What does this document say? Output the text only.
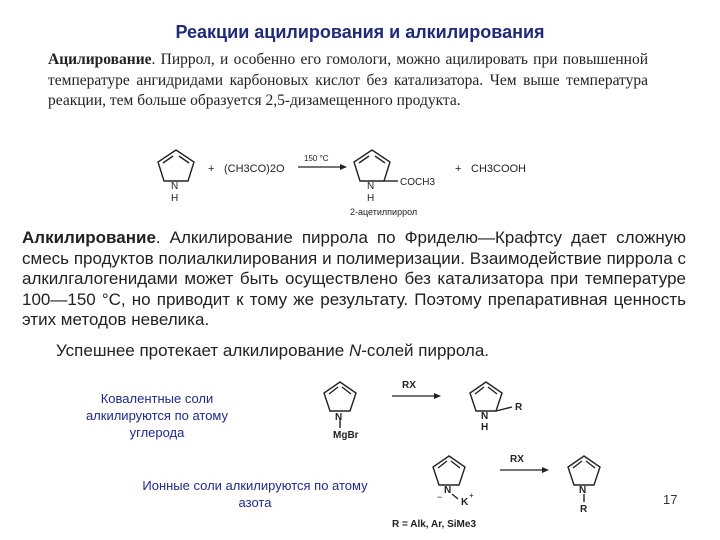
Реакции ацилирования и алкилирования
Ацилирование. Пиррол, и особенно его гомологи, можно ацилировать при повышенной температуре ангидридами карбоновых кислот без катализатора. Чем выше температура реакции, тем больше образуется 2,5-дизамещенного продукта.
N
H
+ (CH3CO)2O
150 °C
N
H
COCH3
2-ацетилпиррол
+ CH3COOH
Алкилирование. Алкилирование пиррола по Фриделю—Крафтсу дает сложную смесь продуктов полиалкилирования и полимеризации. Взаимодействие пиррола с алкилгалогенидами может быть осуществлено без катализатора при температуре 100—150 °С, но приводит к тому же результату. Поэтому препаративная ценность этих методов невелика.
Успешнее протекает алкилирование N-солей пиррола.
N
MgBr
RX
N
H
R
N
− K
+
RX
N
R
R = Alk, Ar, SiMe3
Ковалентные соли алкилируются по атому углерода
Ионные соли алкилируются по атому азота	17
